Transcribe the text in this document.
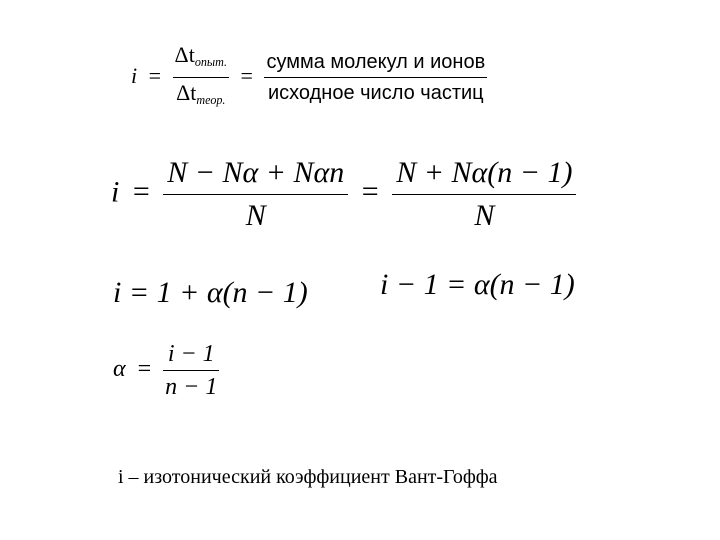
$i = \frac{\Delta t_{опыт.}}{\Delta t_{теор.}} = \frac{\text{сумма молекул и ионов}}{\text{исходное число частиц}}$
$i = \frac{\text{N − Nα + Nαn}}{N} = \frac{N + N\alpha(n - 1)}{N}$
i = 1 + α(n − 1) i − 1 = α(n − 1)
$\alpha = \frac{i - 1}{n - 1}$
i – изотонический коэффициент Вант-Гоффа
